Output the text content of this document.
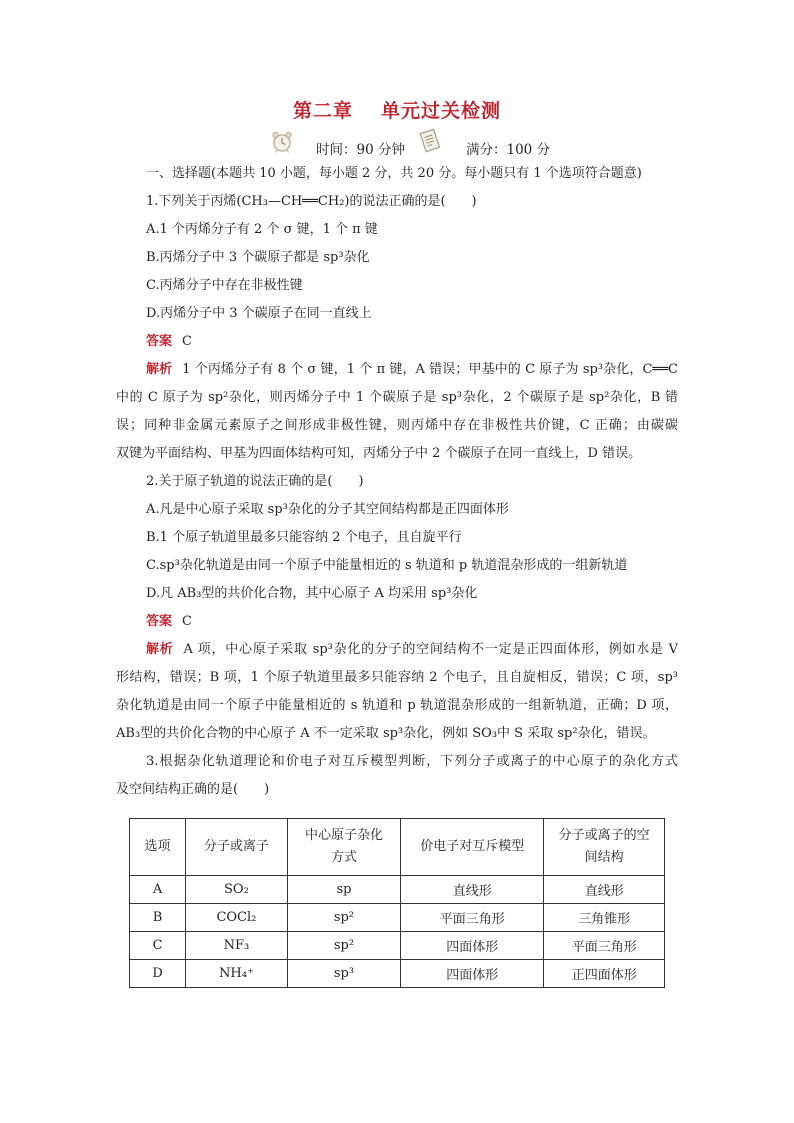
第二章 单元过关检测
时间：90 分钟	满分：100 分
一、选择题(本题共 10 小题，每小题 2 分，共 20 分。每小题只有 1 个选项符合题意)
1.下列关于丙烯(CH₃—CH══CH₂)的说法正确的是(　　)
A.1 个丙烯分子有 2 个 σ 键，1 个 π 键
B.丙烯分子中 3 个碳原子都是 sp³杂化
C.丙烯分子中存在非极性键
D.丙烯分子中 3 个碳原子在同一直线上
答案 C
解析 1 个丙烯分子有 8 个 σ 键，1 个 π 键，A 错误；甲基中的 C 原子为 sp³杂化，C══C
中的 C 原子为 sp²杂化，则丙烯分子中 1 个碳原子是 sp³杂化，2 个碳原子是 sp²杂化，B 错
误；同种非金属元素原子之间形成非极性键，则丙烯中存在非极性共价键，C 正确；由碳碳
双键为平面结构、甲基为四面体结构可知，丙烯分子中 2 个碳原子在同一直线上，D 错误。
2.关于原子轨道的说法正确的是(　　)
A.凡是中心原子采取 sp³杂化的分子其空间结构都是正四面体形
B.1 个原子轨道里最多只能容纳 2 个电子，且自旋平行
C.sp³杂化轨道是由同一个原子中能量相近的 s 轨道和 p 轨道混杂形成的一组新轨道
D.凡 AB₃型的共价化合物，其中心原子 A 均采用 sp³杂化
答案 C
解析 A 项，中心原子采取 sp³杂化的分子的空间结构不一定是正四面体形，例如水是 V
形结构，错误；B 项，1 个原子轨道里最多只能容纳 2 个电子，且自旋相反，错误；C 项，sp³
杂化轨道是由同一个原子中能量相近的 s 轨道和 p 轨道混杂形成的一组新轨道，正确；D 项，
AB₃型的共价化合物的中心原子 A 不一定采取 sp³杂化，例如 SO₃中 S 采取 sp²杂化，错误。
3.根据杂化轨道理论和价电子对互斥模型判断，下列分子或离子的中心原子的杂化方式
及空间结构正确的是(　　)
选项	分子或离子	中心原子杂化方式	价电子对互斥模型	分子或离子的空间结构

A	SO₂	sp	直线形	直线形
B	COCl₂	sp²	平面三角形	三角锥形
C	NF₃	sp²	四面体形	平面三角形
D	NH₄⁺	sp³	四面体形	正四面体形
